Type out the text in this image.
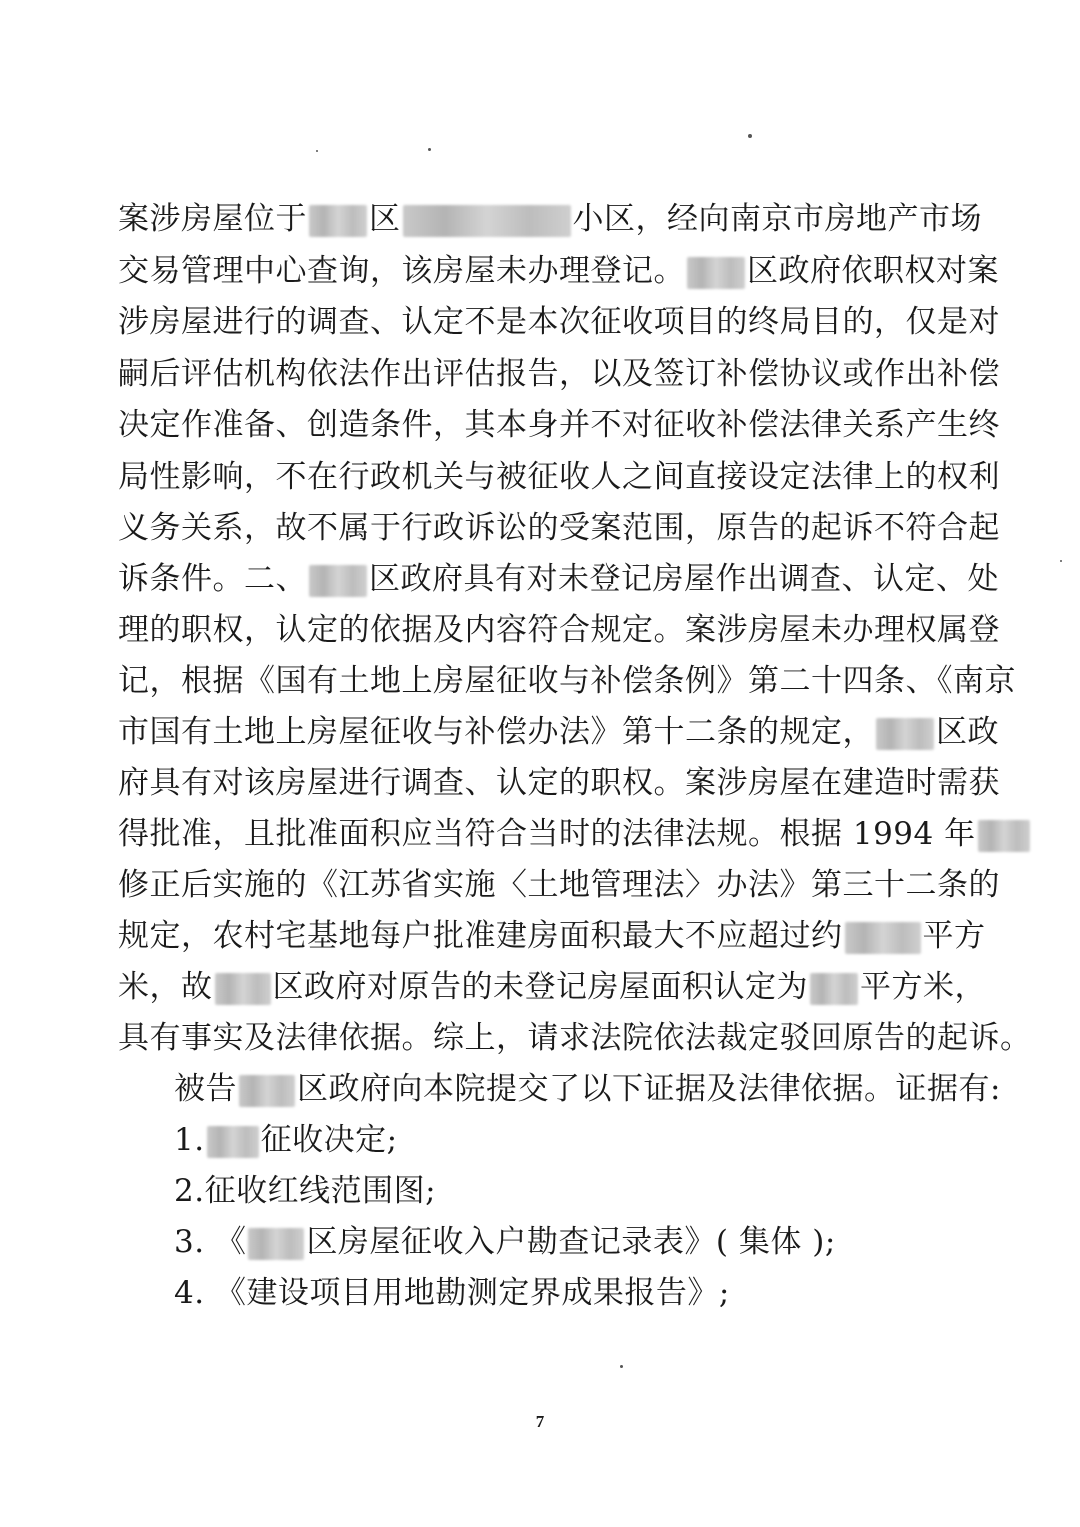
案涉房屋位于 区	小区，经向南京市房地产市场
交易管理中心查询，该房屋未办理登记。 区政府依职权对案
涉房屋进行的调查、认定不是本次征收项目的终局目的，仅是对
嗣后评估机构依法作出评估报告，以及签订补偿协议或作出补偿
决定作准备、创造条件，其本身并不对征收补偿法律关系产生终
局性影响，不在行政机关与被征收人之间直接设定法律上的权利
义务关系，故不属于行政诉讼的受案范围，原告的起诉不符合起
诉条件。二、 区政府具有对未登记房屋作出调查、认定、处
理的职权，认定的依据及内容符合规定。案涉房屋未办理权属登
记，根据《国有土地上房屋征收与补偿条例》第二十四条、《南京
市国有土地上房屋征收与补偿办法》第十二条的规定， 区政
府具有对该房屋进行调查、认定的职权。案涉房屋在建造时需获
得批准，且批准面积应当符合当时的法律法规。根据 1994 年
修正后实施的《江苏省实施〈土地管理法〉办法》第三十二条的
规定，农村宅基地每户批准建房面积最大不应超过约	平方
米，故 区政府对原告的未登记房屋面积认定为 平方米，
具有事实及法律依据。综上，请求法院依法裁定驳回原告的起诉。
被告 区政府向本院提交了以下证据及法律依据。证据有:
1. 征收决定;
2.征收红线范围图;
3. 《 区房屋征收入户勘查记录表》( 集体 );
4. 《建设项目用地勘测定界成果报告》;
7
